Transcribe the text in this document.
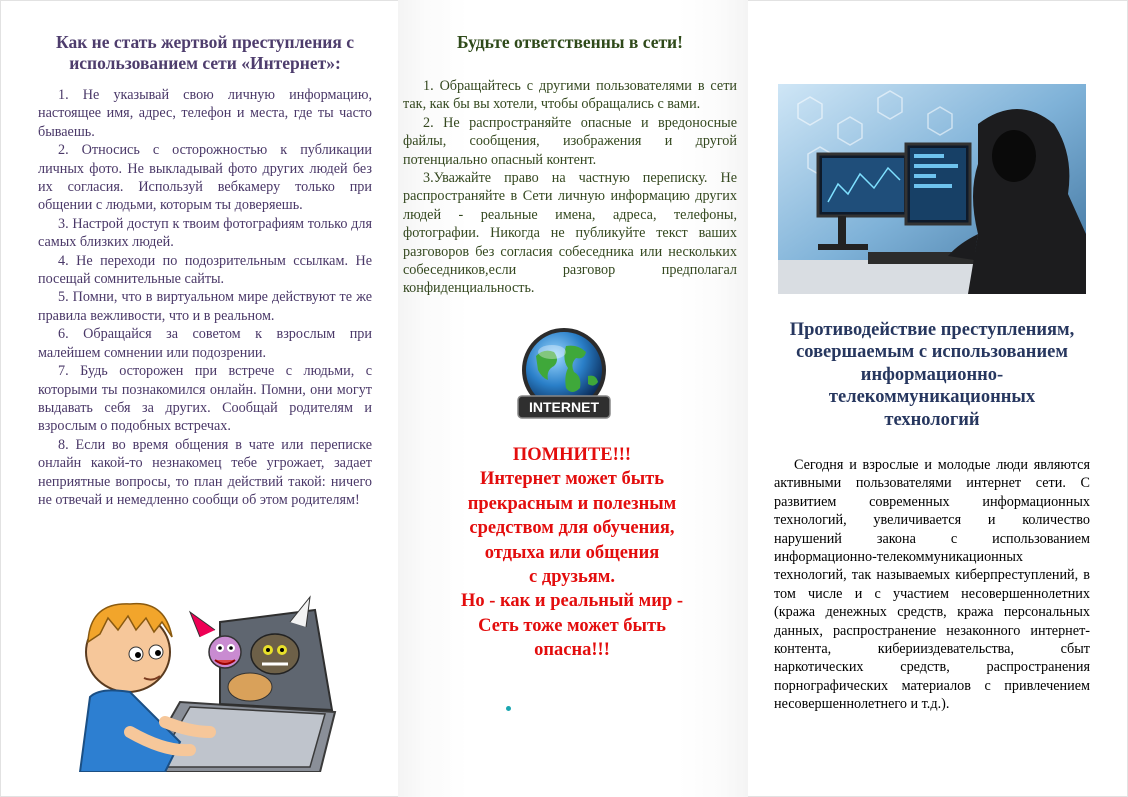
Как не стать жертвой преступления с использованием сети «Интернет»:

1. Не указывай свою личную информацию, настоящее имя, адрес, телефон и места, где ты часто бываешь.

2. Относись с осторожностью к публикации личных фото. Не выкладывай фото других людей без их согласия. Используй вебкамеру только при общении с людьми, которым ты доверяешь.

3. Настрой доступ к твоим фотографиям только для самых близких людей.

4. Не переходи по подозрительным ссылкам. Не посещай сомнительные сайты.

5. Помни, что в виртуальном мире действуют те же правила вежливости, что и в реальном.

6. Обращайся за советом к взрослым при малейшем сомнении или подозрении.

7. Будь осторожен при встрече с людьми, с которыми ты познакомился онлайн. Помни, они могут выдавать себя за других. Сообщай родителям и взрослым о подобных встречах.

8. Если во время общения в чате или переписке онлайн какой-то незнакомец тебе угрожает, задает неприятные вопросы, то план действий такой: ничего не отвечай и немедленно сообщи об этом родителям!

Будьте ответственны в сети!

1. Обращайтесь с другими пользователями в сети так, как бы вы хотели, чтобы обращались с вами.

2. Не распространяйте опасные и вредоносные файлы, сообщения, изображения и другой потенциально опасный контент.

3.Уважайте право на частную переписку. Не распространяйте в Сети личную информацию других людей - реальные имена, адреса, телефоны, фотографии. Никогда не публикуйте текст ваших разговоров без согласия собеседника или нескольких собеседников,если разговор предполагал конфиденциальность.

INTERNET

ПОМНИТЕ!!!
Интернет может быть
прекрасным и полезным
средством для обучения,
отдыха или общения
с друзьям.
Но - как и реальный мир -
Сеть тоже может быть
опасна!!!

Противодействие преступлениям,
совершаемым с использованием
информационно-
телекоммуникационных
технологий

Сегодня и взрослые и молодые люди являются активными пользователями интернет сети. С развитием современных информационных технологий, увеличивается и количество нарушений закона с использованием информационно-телекоммуникационных технологий, так называемых киберпреступлений, в том числе и с участием несовершеннолетних (кража денежных средств, кража персональных данных, распространение незаконного интернет-контента, киберииздевательства, сбыт наркотических средств, распространения порнографических материалов с привлечением несовершеннолетнего и т.д.).
